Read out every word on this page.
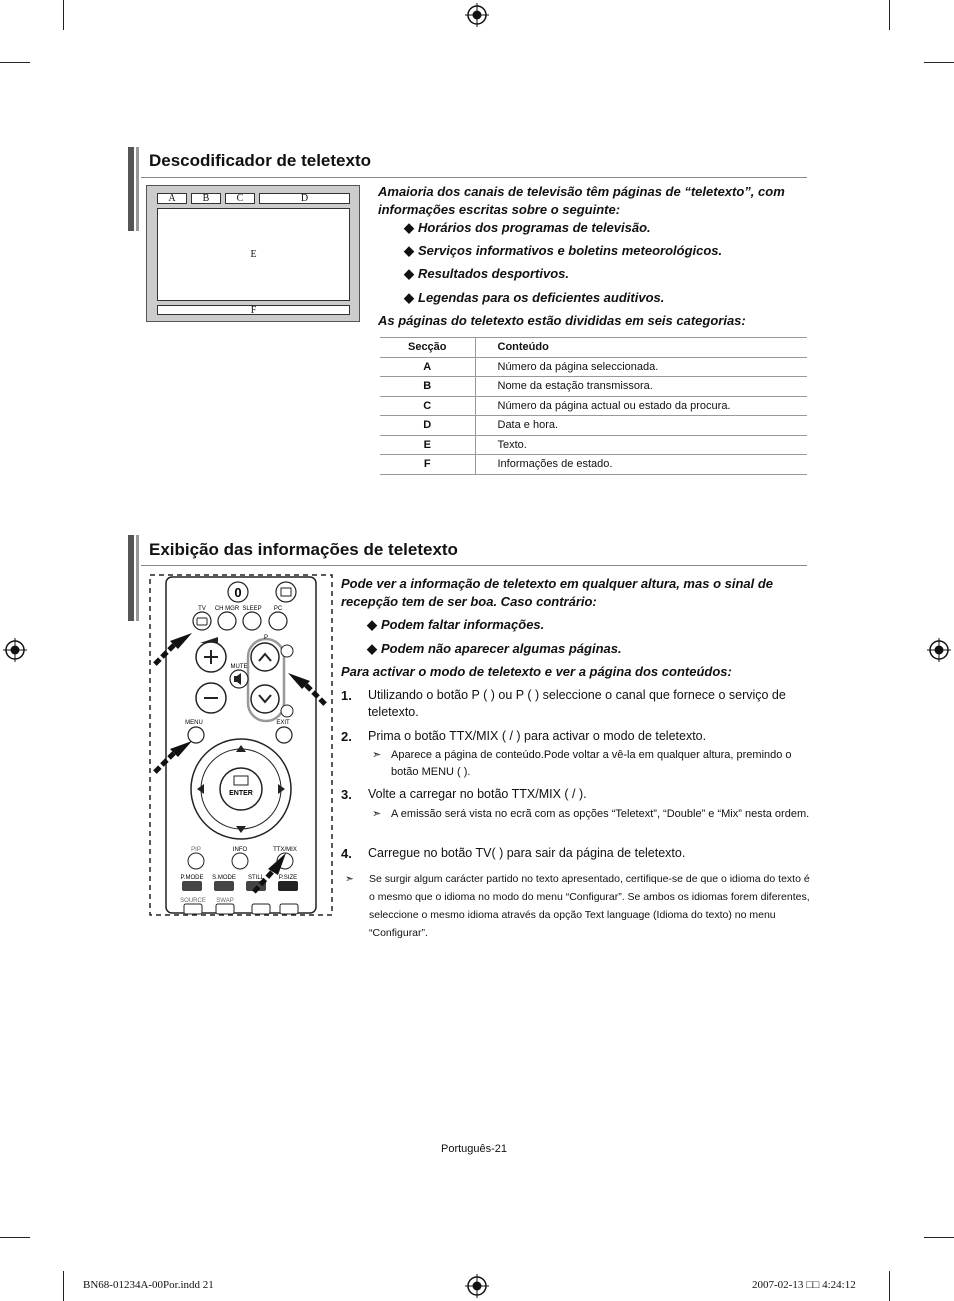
Descodificador de teletexto
A	B	C	D
E
F
Amaioria dos canais de televisão têm páginas de “teletexto”, com informações escritas sobre o seguinte:
◆ Horários dos programas de televisão.
◆ Serviços informativos e boletins meteorológicos.
◆ Resultados desportivos.
◆ Legendas para os deficientes auditivos.
As páginas do teletexto estão divididas em seis categorias:
Secção	Conteúdo
A	Número da página seleccionada.
B	Nome da estação transmissora.
C	Número da página actual ou estado da procura.
D	Data e hora.
E	Texto.
F	Informações de estado.
Exibição das informações de teletexto
0
TV CH MGR SLEEP PC
P
MUTE
MENU	EXIT
ENTER
PIP	INFO	TTX/MIX
P.MODE S.MODE STILL P.SIZE
SOURCE SWAP
Pode ver a informação de teletexto em qualquer altura, mas o sinal de recepção tem de ser boa. Caso contrário:
◆ Podem faltar informações.
◆ Podem não aparecer algumas páginas.
Para activar o modo de teletexto e ver a página dos conteúdos:
1. Utilizando o botão P ( ) ou P ( ) seleccione o canal que fornece o serviço de teletexto.
2. Prima o botão TTX/MIX ( / ) para activar o modo de teletexto.
➣ Aparece a página de conteúdo.Pode voltar a vê-la em qualquer altura, premindo o botão MENU ( ).
3. Volte a carregar no botão TTX/MIX ( / ).
➣ A emissão será vista no ecrã com as opções “Teletext”, “Double” e “Mix” nesta ordem.
4. Carregue no botão TV( ) para sair da página de teletexto.
➣ Se surgir algum carácter partido no texto apresentado, certifique-se de que o idioma do texto é o mesmo que o idioma no modo do menu “Configurar”. Se ambos os idiomas forem diferentes, seleccione o mesmo idioma através da opção Text language (Idioma do texto) no menu “Configurar”.
Português-21
BN68-01234A-00Por.indd 21	2007-02-13 □□ 4:24:12
